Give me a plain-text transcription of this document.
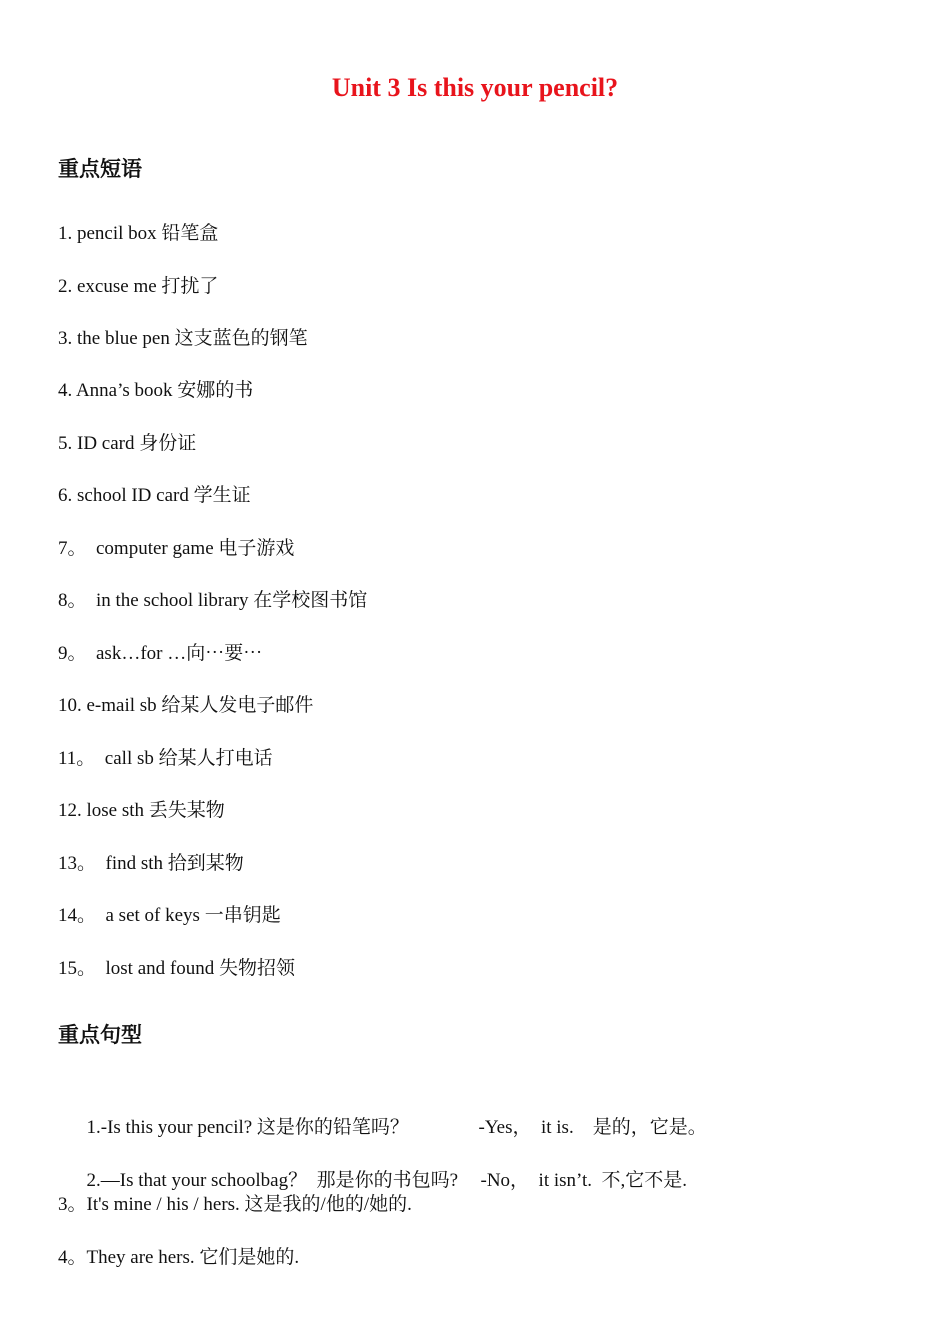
Unit 3 Is this your pencil?
重点短语
1. pencil box 铅笔盒
2. excuse me 打扰了
3. the blue pen 这支蓝色的钢笔
4. Anna’s book 安娜的书
5. ID card 身份证
6. school ID card 学生证
7。  computer game 电子游戏
8。  in the school library 在学校图书馆
9。  ask…for …向⋯要⋯
10. e-mail sb 给某人发电子邮件
11。  call sb 给某人打电话
12. lose sth 丢失某物
13。  find sth 拾到某物
14。  a set of keys 一串钥匙
15。  lost and found 失物招领
重点句型

1.-Is this your pencil? 这是你的铅笔吗？	-Yes，  it is.    是的，它是。

2.—Is that your schoolbag？  那是你的书包吗? -No，  it isn’t.  不,它不是.

3。It's mine / his / hers. 这是我的/他的/她的.
4。They are hers. 它们是她的.
